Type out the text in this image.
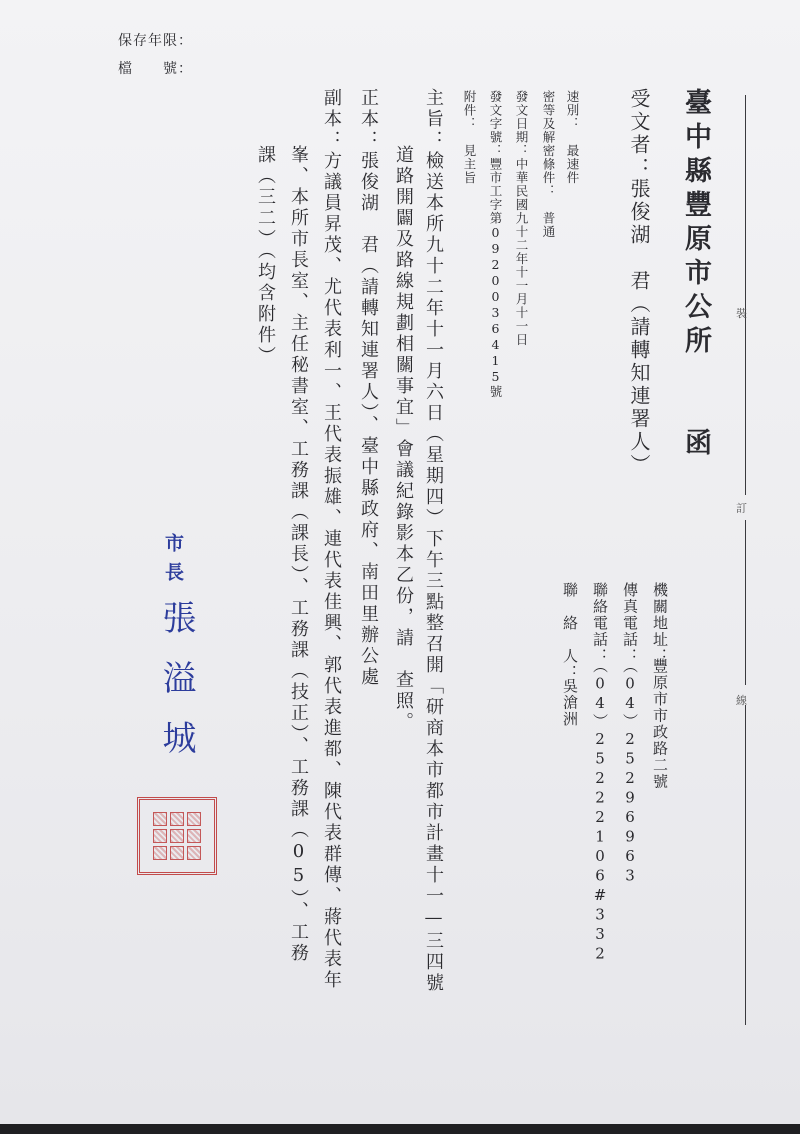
保存年限：
檔　　號：
裝
訂
線
臺中縣豐原市公所　　函
受文者：
張俊湖　君（請轉知連署人）
機關地址：
豐原市市政路二號
傳真電話：
（04）25296963
聯絡電話：
（04）25222106#332
聯　絡　人：
吳滄洲
速別：　最速件
密等及解密條件：　普通
發文日期：中華民國九十二年十一月十一日
發文字號：豐市工字第0920036415號
附件：　見主旨
主旨：檢送本所九十二年十一月六日（星期四）下午三點整召開「研商本市都市計畫十一—三四號
道路開闢及路線規劃相關事宜」會議紀錄影本乙份，請　查照。
正本：張俊湖　君（請轉知連署人）、臺中縣政府、南田里辦公處
副本：方議員昇茂、尤代表利一、王代表振雄、連代表佳興、郭代表進都、陳代表群傳、蔣代表年
峯、本所市長室、主任秘書室、工務課（課長）、工務課（技正）、工務課（05）、工務
課（三二）（均含附件）
市長
張溢城
